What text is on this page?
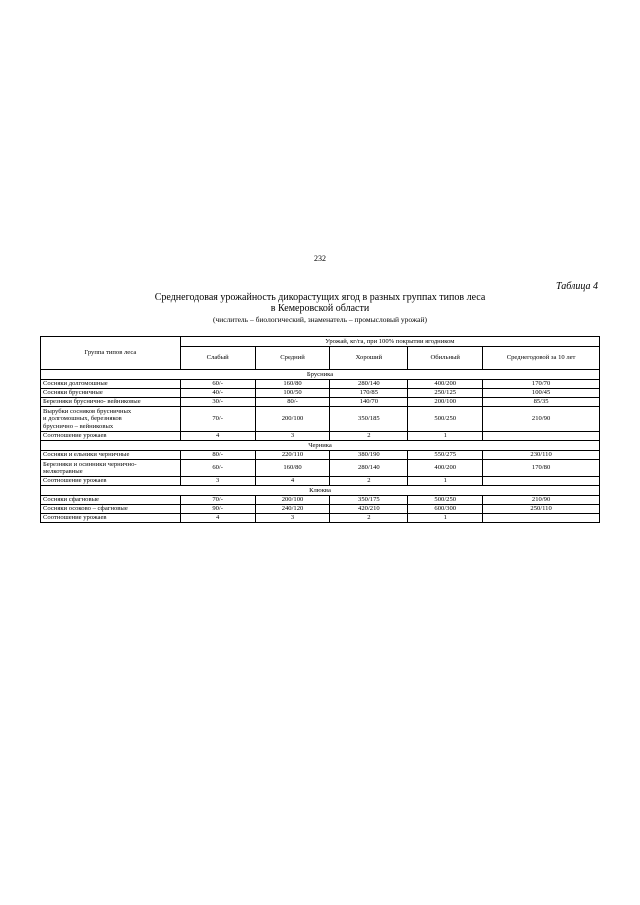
232
Таблица 4
Среднегодовая урожайность дикорастущих ягод в разных группах типов леса
в Кемеровской области
(числитель – биологический, знаменатель – промысловый урожай)
Группа типов леса	Урожай, кг/га, при 100% покрытии ягодником				
	Слабый	Средний	Хороший	Обильный	Среднегодовой за 10 лет
Брусника					
Сосняки долгомошные	60/-	160/80	280/140	400/200	170/70
Сосняки брусничные	40/-	100/50	170/85	250/125	100/45
Березняки бруснично- вейниковые	30/-	80/-	140/70	200/100	85/35
Вырубки сосняков брусничных
и долгомошных, березняков
бруснично – вейниковых	70/-	200/100	350/185	500/250	210/90
Соотношение урожаев	4	3	2	1	
Черника					
Сосняки и ельники черничные	80/-	220/110	380/190	550/275	230/110
Березняки и осинники чернично-
мелкотравные	60/-	160/80	280/140	400/200	170/80
Соотношение урожаев	3	4	2	1	
Клюква					
Сосняки сфагновые	70/-	200/100	350/175	500/250	210/90
Сосняки осоково – сфагновые	90/-	240/120	420/210	600/300	250/110
Соотношение урожаев	4	3	2	1	
